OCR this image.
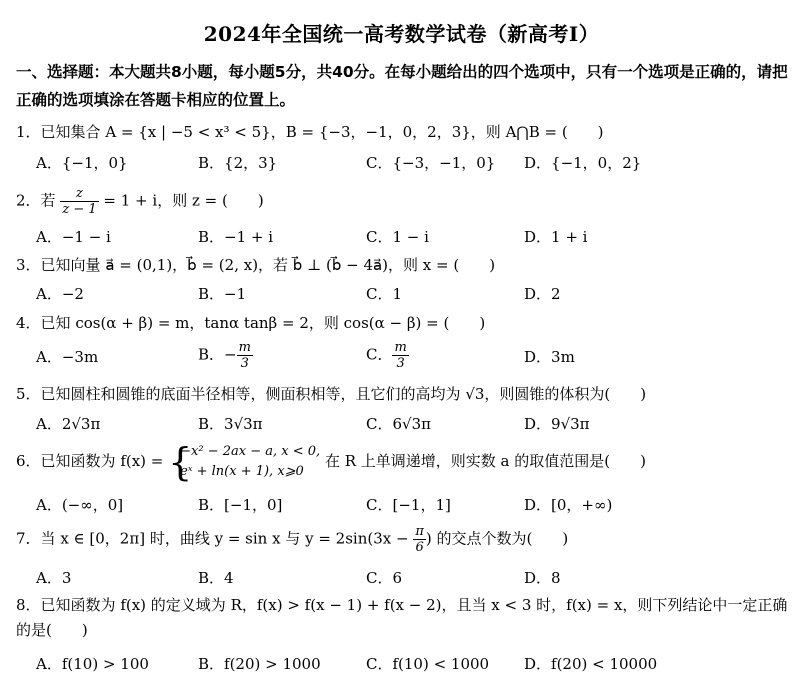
2024年全国统一高考数学试卷（新高考I）
一、选择题：本大题共8小题，每小题5分，共40分。在每小题给出的四个选项中，只有一个选项是正确的，请把正确的选项填涂在答题卡相应的位置上。
1．已知集合 A = {x | −5 < x³ < 5}，B = {−3，−1，0，2，3}，则 A⋂B = (　　)
A．{−1，0}	B．{2，3}	C．{−3，−1，0} D．{−1，0，2}
2．若 $\frac{z}{z - 1} = 1 + i$，则 z = (　　)
A．−1 − i	B．−1 + i	C．1 − i	D．1 + i
3．已知向量 a⃗ = (0,1)，b⃗ = (2, x)，若 b⃗ ⊥ (b⃗ − 4a⃗)，则 x = (　　)
A．−2	B．−1	C．1	D．2
4．已知 cos(α + β) = m，tanα tanβ = 2，则 cos(α − β) = (　　)
A．−3m	B．− $\frac{m}{3}$	C． $\frac{m}{3}$	D．3m
5．已知圆柱和圆锥的底面半径相等，侧面积相等，且它们的高均为 √3，则圆锥的体积为(　　)
A．2√3π	B．3√3π	C．6√3π	D．9√3π
6．已知函数为 f(x) = {
−x² − 2ax − a, x < 0,
eˣ + ln(x + 1), x⩾0
在 R 上单调递增，则实数 a 的取值范围是(　　)
A．(−∞，0]	B．[−1，0]	C．[−1，1]	D．[0，+∞)
7．当 x ∈ [0，2π] 时，曲线 y = sin x 与 $y = 2\sin(3x - \frac{\pi}{6}$ ) 的交点个数为(　　)
A．3	B．4	C．6	D．8
8．已知函数为 f(x) 的定义域为 R，f(x) > f(x − 1) + f(x − 2)，且当 x < 3 时，f(x) = x，则下列结论中一定正确的是(　　)
A．f(10) > 100	B．f(20) > 1000	C．f(10) < 1000 D．f(20) < 10000
